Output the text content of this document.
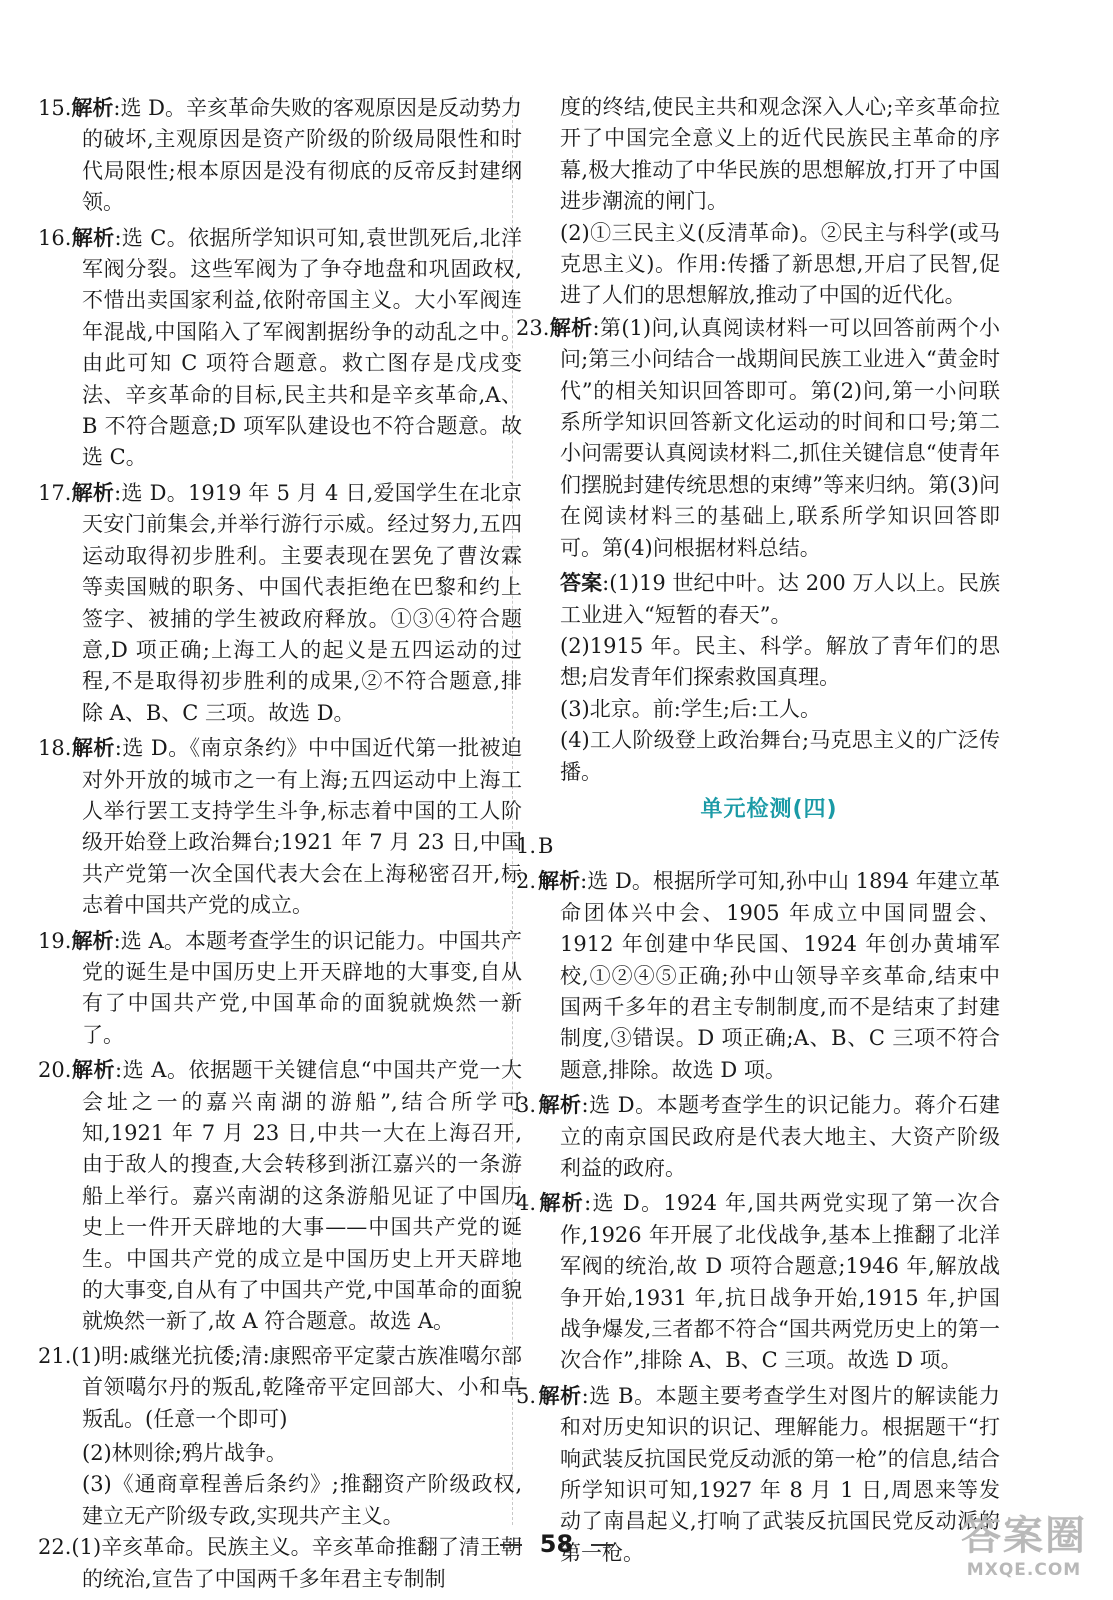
15.解析:选 D。辛亥革命失败的客观原因是反动势力的破坏,主观原因是资产阶级的阶级局限性和时代局限性;根本原因是没有彻底的反帝反封建纲领。
16.解析:选 C。依据所学知识可知,袁世凯死后,北洋军阀分裂。这些军阀为了争夺地盘和巩固政权,不惜出卖国家利益,依附帝国主义。大小军阀连年混战,中国陷入了军阀割据纷争的动乱之中。由此可知 C 项符合题意。救亡图存是戊戌变法、辛亥革命的目标,民主共和是辛亥革命,A、B 不符合题意;D 项军队建设也不符合题意。故选 C。
17.解析:选 D。1919 年 5 月 4 日,爱国学生在北京天安门前集会,并举行游行示威。经过努力,五四运动取得初步胜利。主要表现在罢免了曹汝霖等卖国贼的职务、中国代表拒绝在巴黎和约上签字、被捕的学生被政府释放。①③④符合题意,D 项正确;上海工人的起义是五四运动的过程,不是取得初步胜利的成果,②不符合题意,排除 A、B、C 三项。故选 D。
18.解析:选 D。《南京条约》中中国近代第一批被迫对外开放的城市之一有上海;五四运动中上海工人举行罢工支持学生斗争,标志着中国的工人阶级开始登上政治舞台;1921 年 7 月 23 日,中国共产党第一次全国代表大会在上海秘密召开,标志着中国共产党的成立。
19.解析:选 A。本题考查学生的识记能力。中国共产党的诞生是中国历史上开天辟地的大事变,自从有了中国共产党,中国革命的面貌就焕然一新了。
20.解析:选 A。依据题干关键信息“中国共产党一大会址之一的嘉兴南湖的游船”,结合所学可知,1921 年 7 月 23 日,中共一大在上海召开,由于敌人的搜查,大会转移到浙江嘉兴的一条游船上举行。嘉兴南湖的这条游船见证了中国历史上一件开天辟地的大事——中国共产党的诞生。中国共产党的成立是中国历史上开天辟地的大事变,自从有了中国共产党,中国革命的面貌就焕然一新了,故 A 符合题意。故选 A。
21.(1)明:戚继光抗倭;清:康熙帝平定蒙古族准噶尔部首领噶尔丹的叛乱,乾隆帝平定回部大、小和卓叛乱。(任意一个即可)
(2)林则徐;鸦片战争。
(3)《通商章程善后条约》;推翻资产阶级政权,建立无产阶级专政,实现共产主义。
22.(1)辛亥革命。民族主义。辛亥革命推翻了清王朝的统治,宣告了中国两千多年君主专制制
度的终结,使民主共和观念深入人心;辛亥革命拉开了中国完全意义上的近代民族民主革命的序幕,极大推动了中华民族的思想解放,打开了中国进步潮流的闸门。
(2)①三民主义(反清革命)。②民主与科学(或马克思主义)。作用:传播了新思想,开启了民智,促进了人们的思想解放,推动了中国的近代化。
23.解析:第(1)问,认真阅读材料一可以回答前两个小问;第三小问结合一战期间民族工业进入“黄金时代”的相关知识回答即可。第(2)问,第一小问联系所学知识回答新文化运动的时间和口号;第二小问需要认真阅读材料二,抓住关键信息“使青年们摆脱封建传统思想的束缚”等来归纳。第(3)问在阅读材料三的基础上,联系所学知识回答即可。第(4)问根据材料总结。
答案:(1)19 世纪中叶。达 200 万人以上。民族工业进入“短暂的春天”。
(2)1915 年。民主、科学。解放了青年们的思想;启发青年们探索救国真理。
(3)北京。前:学生;后:工人。
(4)工人阶级登上政治舞台;马克思主义的广泛传播。
单元检测(四)
1.B
2.解析:选 D。根据所学可知,孙中山 1894 年建立革命团体兴中会、1905 年成立中国同盟会、1912 年创建中华民国、1924 年创办黄埔军校,①②④⑤正确;孙中山领导辛亥革命,结束中国两千多年的君主专制制度,而不是结束了封建制度,③错误。D 项正确;A、B、C 三项不符合题意,排除。故选 D 项。
3.解析:选 D。本题考查学生的识记能力。蒋介石建立的南京国民政府是代表大地主、大资产阶级利益的政府。
4.解析:选 D。1924 年,国共两党实现了第一次合作,1926 年开展了北伐战争,基本上推翻了北洋军阀的统治,故 D 项符合题意;1946 年,解放战争开始,1931 年,抗日战争开始,1915 年,护国战争爆发,三者都不符合“国共两党历史上的第一次合作”,排除 A、B、C 三项。故选 D 项。
5.解析:选 B。本题主要考查学生对图片的解读能力和对历史知识的识记、理解能力。根据题干“打响武装反抗国民党反动派的第一枪”的信息,结合所学知识可知,1927 年 8 月 1 日,周恩来等发动了南昌起义,打响了武装反抗国民党反动派的第一枪。
58	答案圈
MXQE.COM
